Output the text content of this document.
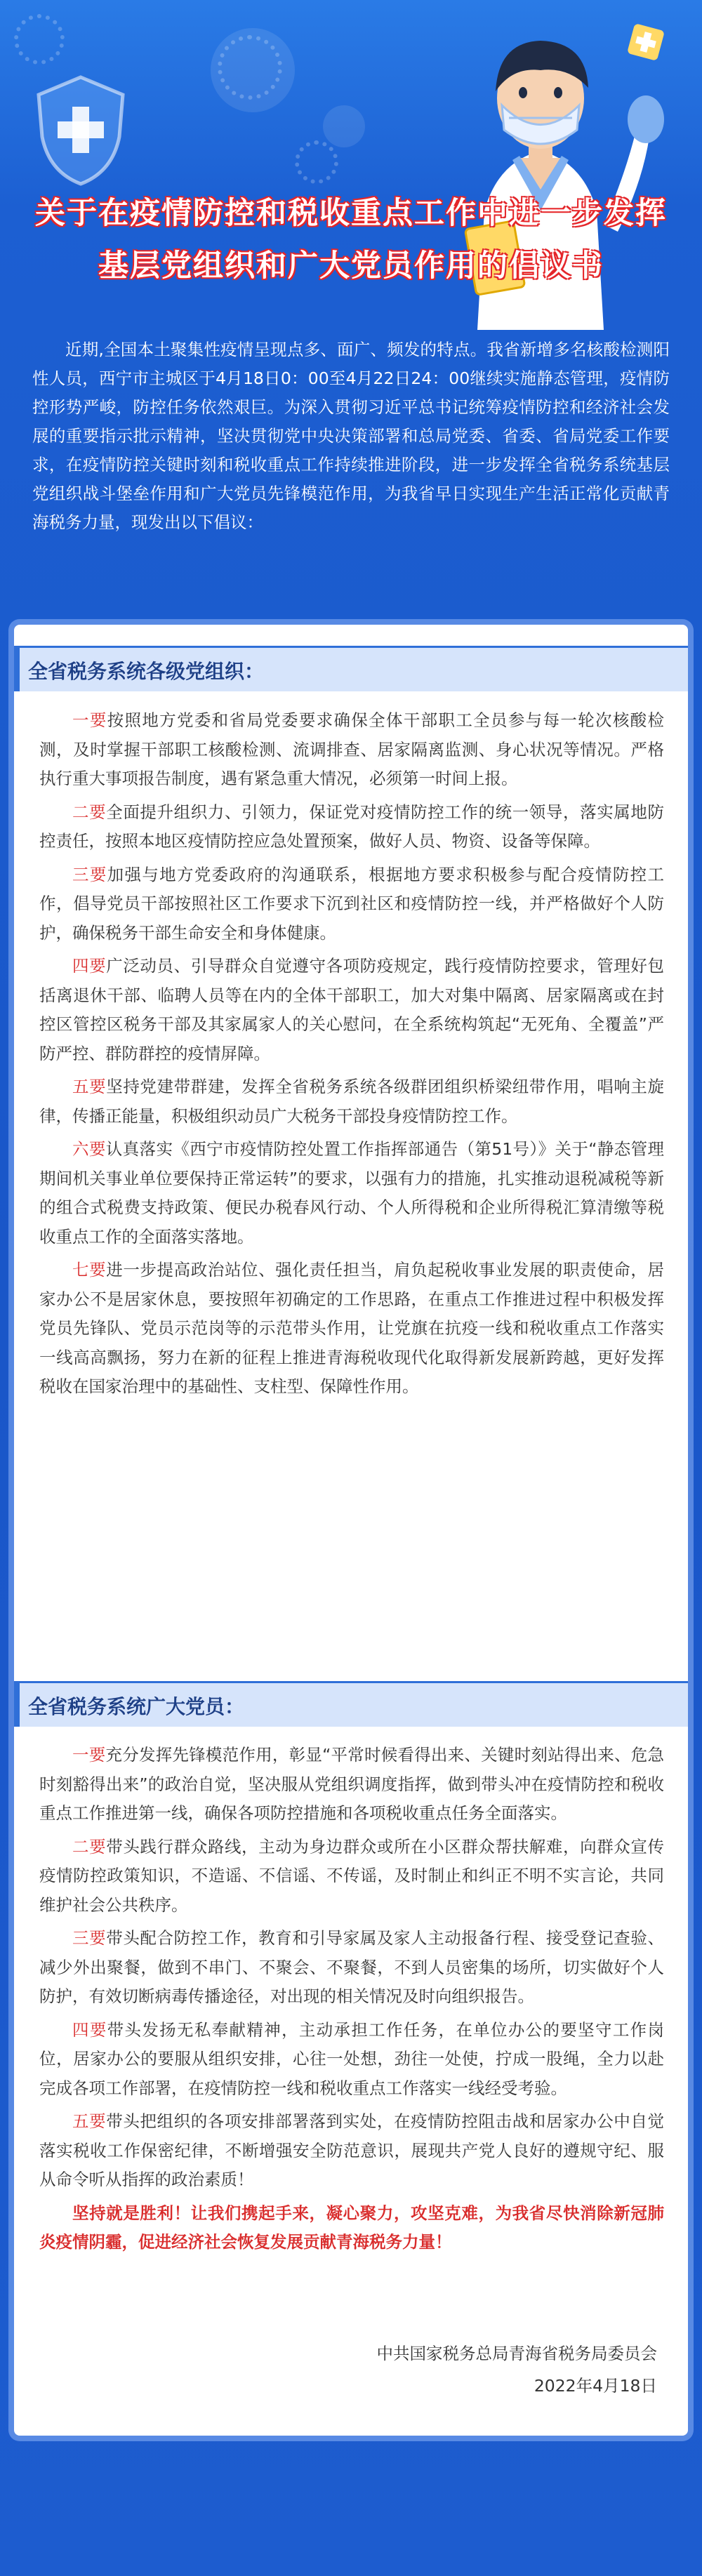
关于在疫情防控和税收重点工作中进一步发挥
基层党组织和广大党员作用的倡议书
近期,全国本土聚集性疫情呈现点多、面广、频发的特点。我省新增多名核酸检测阳性人员，西宁市主城区于4月18日0：00至4月22日24：00继续实施静态管理，疫情防控形势严峻，防控任务依然艰巨。为深入贯彻习近平总书记统筹疫情防控和经济社会发展的重要指示批示精神，坚决贯彻党中央决策部署和总局党委、省委、省局党委工作要求，在疫情防控关键时刻和税收重点工作持续推进阶段，进一步发挥全省税务系统基层党组织战斗堡垒作用和广大党员先锋模范作用，为我省早日实现生产生活正常化贡献青海税务力量，现发出以下倡议：
全省税务系统各级党组织：

一要按照地方党委和省局党委要求确保全体干部职工全员参与每一轮次核酸检测，及时掌握干部职工核酸检测、流调排查、居家隔离监测、身心状况等情况。严格执行重大事项报告制度，遇有紧急重大情况，必须第一时间上报。

二要全面提升组织力、引领力，保证党对疫情防控工作的统一领导，落实属地防控责任，按照本地区疫情防控应急处置预案，做好人员、物资、设备等保障。

三要加强与地方党委政府的沟通联系，根据地方要求积极参与配合疫情防控工作，倡导党员干部按照社区工作要求下沉到社区和疫情防控一线，并严格做好个人防护，确保税务干部生命安全和身体健康。

四要广泛动员、引导群众自觉遵守各项防疫规定，践行疫情防控要求，管理好包括离退休干部、临聘人员等在内的全体干部职工，加大对集中隔离、居家隔离或在封控区管控区税务干部及其家属家人的关心慰问，在全系统构筑起“无死角、全覆盖”严防严控、群防群控的疫情屏障。

五要坚持党建带群建，发挥全省税务系统各级群团组织桥梁纽带作用，唱响主旋律，传播正能量，积极组织动员广大税务干部投身疫情防控工作。

六要认真落实《西宁市疫情防控处置工作指挥部通告（第51号）》关于“静态管理期间机关事业单位要保持正常运转”的要求，以强有力的措施，扎实推动退税减税等新的组合式税费支持政策、便民办税春风行动、个人所得税和企业所得税汇算清缴等税收重点工作的全面落实落地。

七要进一步提高政治站位、强化责任担当，肩负起税收事业发展的职责使命，居家办公不是居家休息，要按照年初确定的工作思路，在重点工作推进过程中积极发挥党员先锋队、党员示范岗等的示范带头作用，让党旗在抗疫一线和税收重点工作落实一线高高飘扬，努力在新的征程上推进青海税收现代化取得新发展新跨越，更好发挥税收在国家治理中的基础性、支柱型、保障性作用。

全省税务系统广大党员：

一要充分发挥先锋模范作用，彰显“平常时候看得出来、关键时刻站得出来、危急时刻豁得出来”的政治自觉，坚决服从党组织调度指挥，做到带头冲在疫情防控和税收重点工作推进第一线，确保各项防控措施和各项税收重点任务全面落实。

二要带头践行群众路线，主动为身边群众或所在小区群众帮扶解难，向群众宣传疫情防控政策知识，不造谣、不信谣、不传谣，及时制止和纠正不明不实言论，共同维护社会公共秩序。

三要带头配合防控工作，教育和引导家属及家人主动报备行程、接受登记查验、减少外出聚餐，做到不串门、不聚会、不聚餐，不到人员密集的场所，切实做好个人防护，有效切断病毒传播途径，对出现的相关情况及时向组织报告。

四要带头发扬无私奉献精神，主动承担工作任务，在单位办公的要坚守工作岗位，居家办公的要服从组织安排，心往一处想，劲往一处使，拧成一股绳，全力以赴完成各项工作部署，在疫情防控一线和税收重点工作落实一线经受考验。

五要带头把组织的各项安排部署落到实处，在疫情防控阻击战和居家办公中自觉落实税收工作保密纪律，不断增强安全防范意识，展现共产党人良好的遵规守纪、服从命令听从指挥的政治素质！

坚持就是胜利！让我们携起手来，凝心聚力，攻坚克难，为我省尽快消除新冠肺炎疫情阴霾，促进经济社会恢复发展贡献青海税务力量！

中共国家税务总局青海省税务局委员会
2022年4月18日
